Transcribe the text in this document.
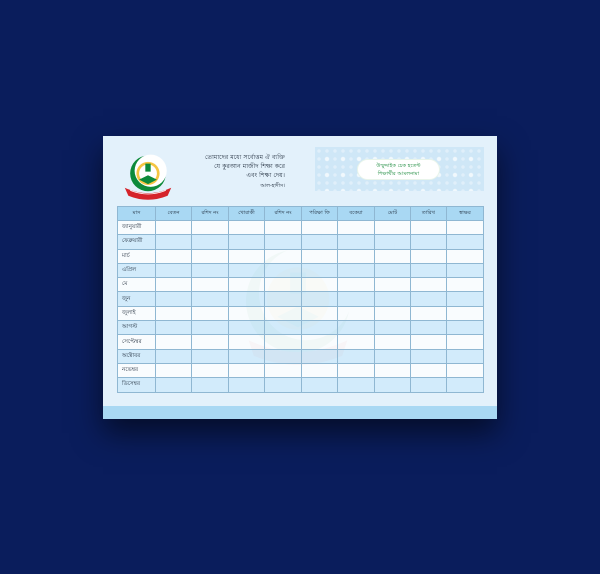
তোমাদের মধ্যে সর্বোত্তম ঐ ব্যক্তি
যে কুরআন মাজীদ শিক্ষা করে
এবং শিক্ষা দেয়।
আল-হাদীস।
উম্মুদ্দাইক চেক হতেন্ট
শিক্ষার্থীর আমলনামা
মাস	বেতন	রশিদ নং	খোরাকী	রশিদ নং	পরিক্ষা ফি	বকেয়া	মোট	তারিখ	স্বাক্ষর
জানুয়ারী									
ফেব্রুয়ারী									
মার্চ									
এপ্রিল									
মে									
জুন									
জুলাই									
আগস্ট									
সেপ্টেম্বর									
অক্টোবর									
নভেম্বর									
ডিসেম্বর									
